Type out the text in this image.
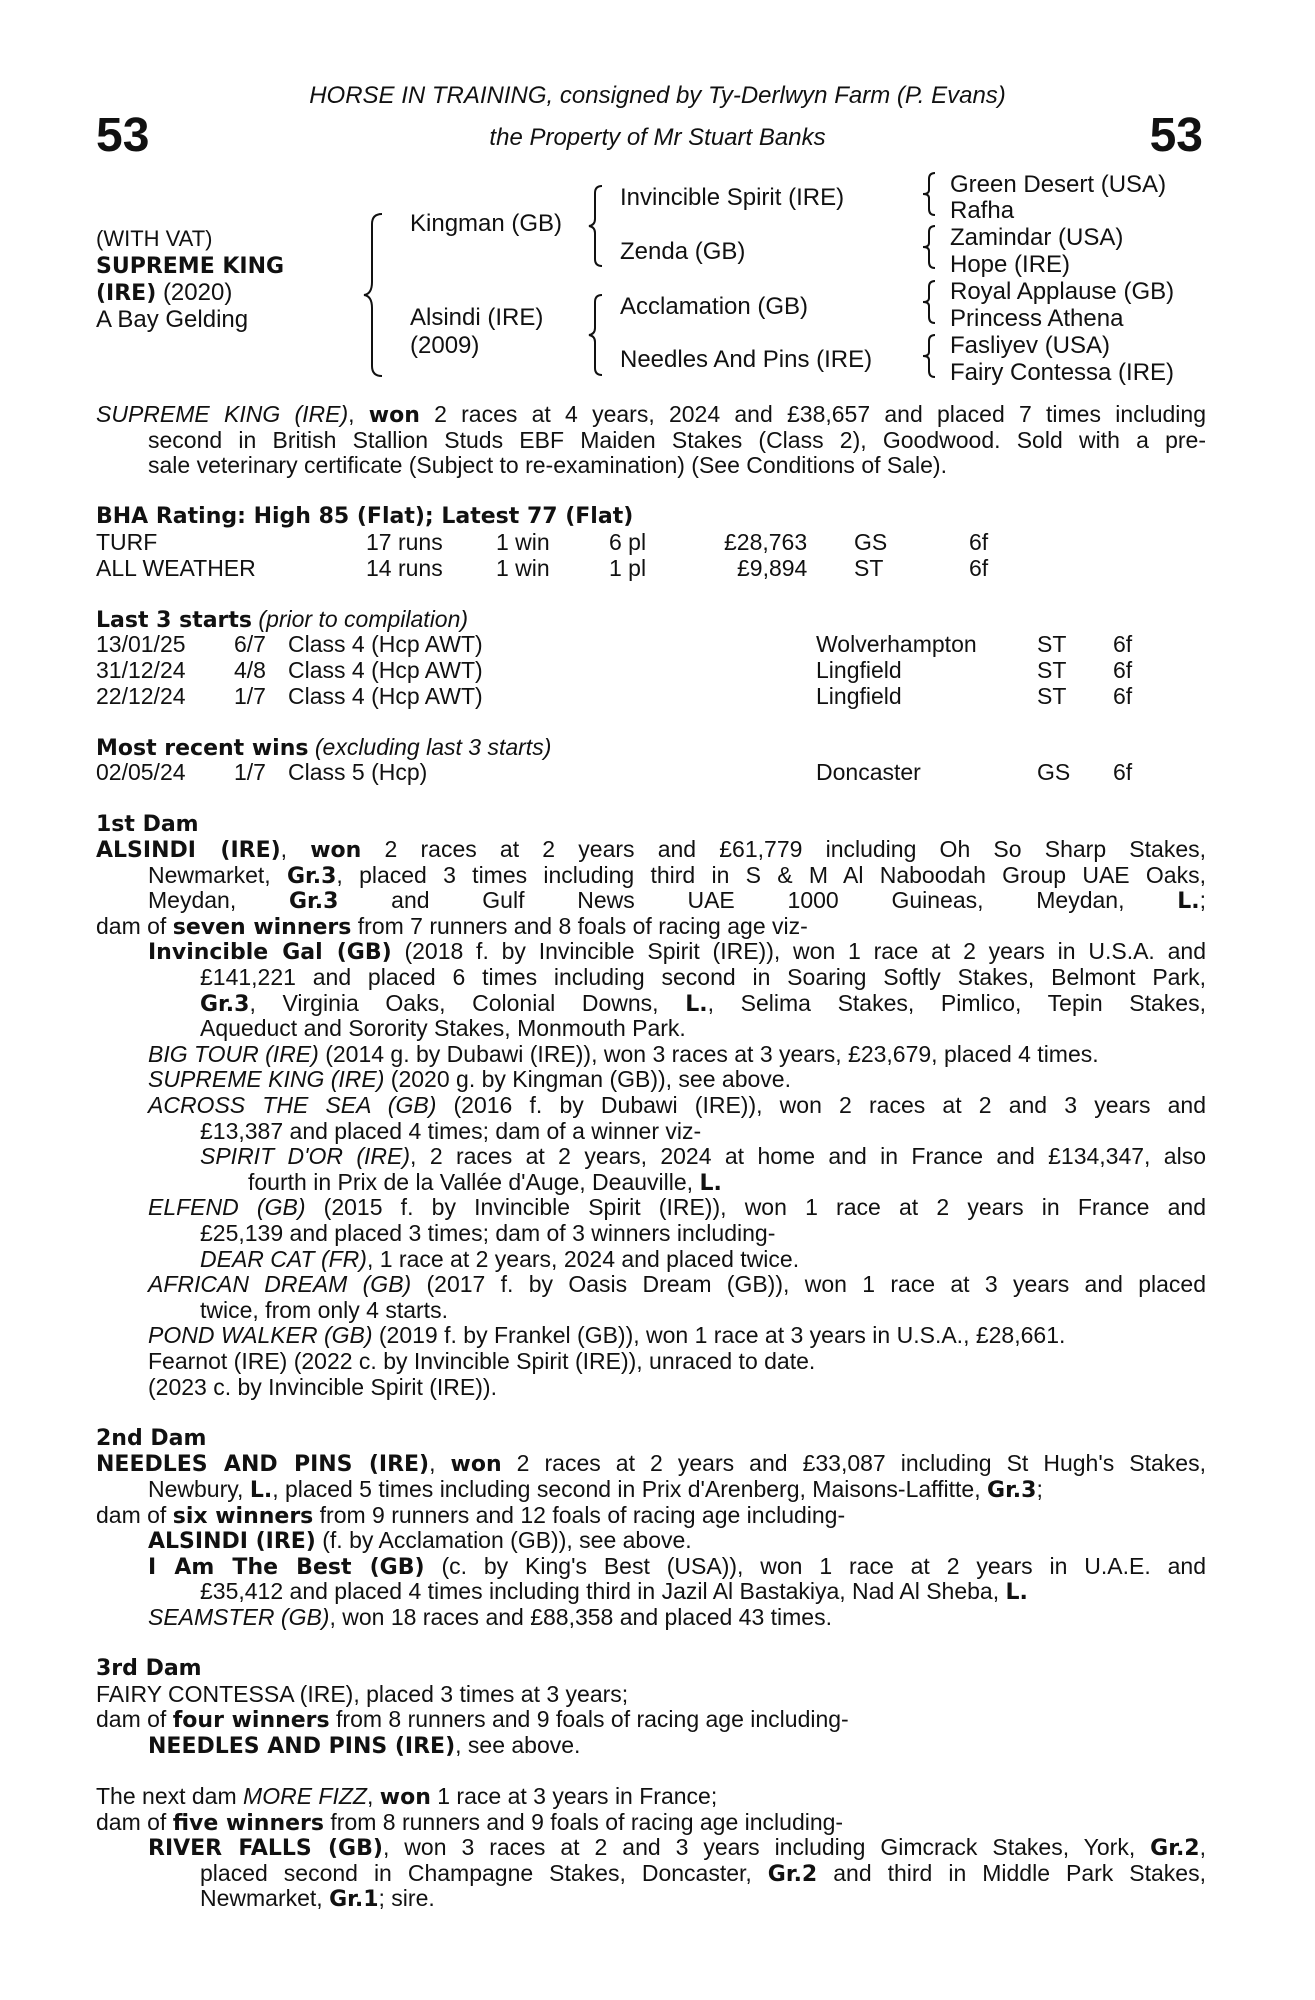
53	53
HORSE IN TRAINING, consigned by Ty-Derlwyn Farm (P. Evans)
the Property of Mr Stuart Banks
(WITH VAT)
SUPREME KING
(IRE) (2020)
A Bay Gelding
Kingman (GB)
Alsindi (IRE)
(2009)
Invincible Spirit (IRE)
Zenda (GB)
Acclamation (GB)
Needles And Pins (IRE)
Green Desert (USA)
Rafha
Zamindar (USA)
Hope (IRE)
Royal Applause (GB)
Princess Athena
Fasliyev (USA)
Fairy Contessa (IRE)
SUPREME KING (IRE), won 2 races at 4 years, 2024 and £38,657 and placed 7 times including
second in British Stallion Studs EBF Maiden Stakes (Class 2), Goodwood. Sold with a pre-
sale veterinary certificate (Subject to re-examination) (See Conditions of Sale).
BHA Rating: High 85 (Flat); Latest 77 (Flat)
TURF	17 runs 1 win	6 pl	£28,763 GS	6f
ALL WEATHER	14 runs 1 win	1 pl	£9,894 ST	6f
Last 3 starts (prior to compilation)
13/01/25 6/7 Class 4 (Hcp AWT)	Wolverhampton	ST 6f
31/12/24 4/8 Class 4 (Hcp AWT)	Lingfield	ST 6f
22/12/24 1/7 Class 4 (Hcp AWT)	Lingfield	ST 6f
Most recent wins (excluding last 3 starts)
02/05/24 1/7 Class 5 (Hcp)	Doncaster	GS 6f
1st Dam
ALSINDI (IRE), won 2 races at 2 years and £61,779 including Oh So Sharp Stakes,
Newmarket, Gr.3, placed 3 times including third in S & M Al Naboodah Group UAE Oaks,
Meydan, Gr.3 and Gulf News UAE 1000 Guineas, Meydan, L.;
dam of seven winners from 7 runners and 8 foals of racing age viz-
Invincible Gal (GB) (2018 f. by Invincible Spirit (IRE)), won 1 race at 2 years in U.S.A. and
£141,221 and placed 6 times including second in Soaring Softly Stakes, Belmont Park,
Gr.3, Virginia Oaks, Colonial Downs, L., Selima Stakes, Pimlico, Tepin Stakes,
Aqueduct and Sorority Stakes, Monmouth Park.
BIG TOUR (IRE) (2014 g. by Dubawi (IRE)), won 3 races at 3 years, £23,679, placed 4 times.
SUPREME KING (IRE) (2020 g. by Kingman (GB)), see above.
ACROSS THE SEA (GB) (2016 f. by Dubawi (IRE)), won 2 races at 2 and 3 years and
£13,387 and placed 4 times; dam of a winner viz-
SPIRIT D'OR (IRE), 2 races at 2 years, 2024 at home and in France and £134,347, also
fourth in Prix de la Vallée d'Auge, Deauville, L.
ELFEND (GB) (2015 f. by Invincible Spirit (IRE)), won 1 race at 2 years in France and
£25,139 and placed 3 times; dam of 3 winners including-
DEAR CAT (FR), 1 race at 2 years, 2024 and placed twice.
AFRICAN DREAM (GB) (2017 f. by Oasis Dream (GB)), won 1 race at 3 years and placed
twice, from only 4 starts.
POND WALKER (GB) (2019 f. by Frankel (GB)), won 1 race at 3 years in U.S.A., £28,661.
Fearnot (IRE) (2022 c. by Invincible Spirit (IRE)), unraced to date.
(2023 c. by Invincible Spirit (IRE)).
2nd Dam
NEEDLES AND PINS (IRE), won 2 races at 2 years and £33,087 including St Hugh's Stakes,
Newbury, L., placed 5 times including second in Prix d'Arenberg, Maisons-Laffitte, Gr.3;
dam of six winners from 9 runners and 12 foals of racing age including-
ALSINDI (IRE) (f. by Acclamation (GB)), see above.
I Am The Best (GB) (c. by King's Best (USA)), won 1 race at 2 years in U.A.E. and
£35,412 and placed 4 times including third in Jazil Al Bastakiya, Nad Al Sheba, L.
SEAMSTER (GB), won 18 races and £88,358 and placed 43 times.
3rd Dam
FAIRY CONTESSA (IRE), placed 3 times at 3 years;
dam of four winners from 8 runners and 9 foals of racing age including-
NEEDLES AND PINS (IRE), see above.
The next dam MORE FIZZ, won 1 race at 3 years in France;
dam of five winners from 8 runners and 9 foals of racing age including-
RIVER FALLS (GB), won 3 races at 2 and 3 years including Gimcrack Stakes, York, Gr.2,
placed second in Champagne Stakes, Doncaster, Gr.2 and third in Middle Park Stakes,
Newmarket, Gr.1; sire.
